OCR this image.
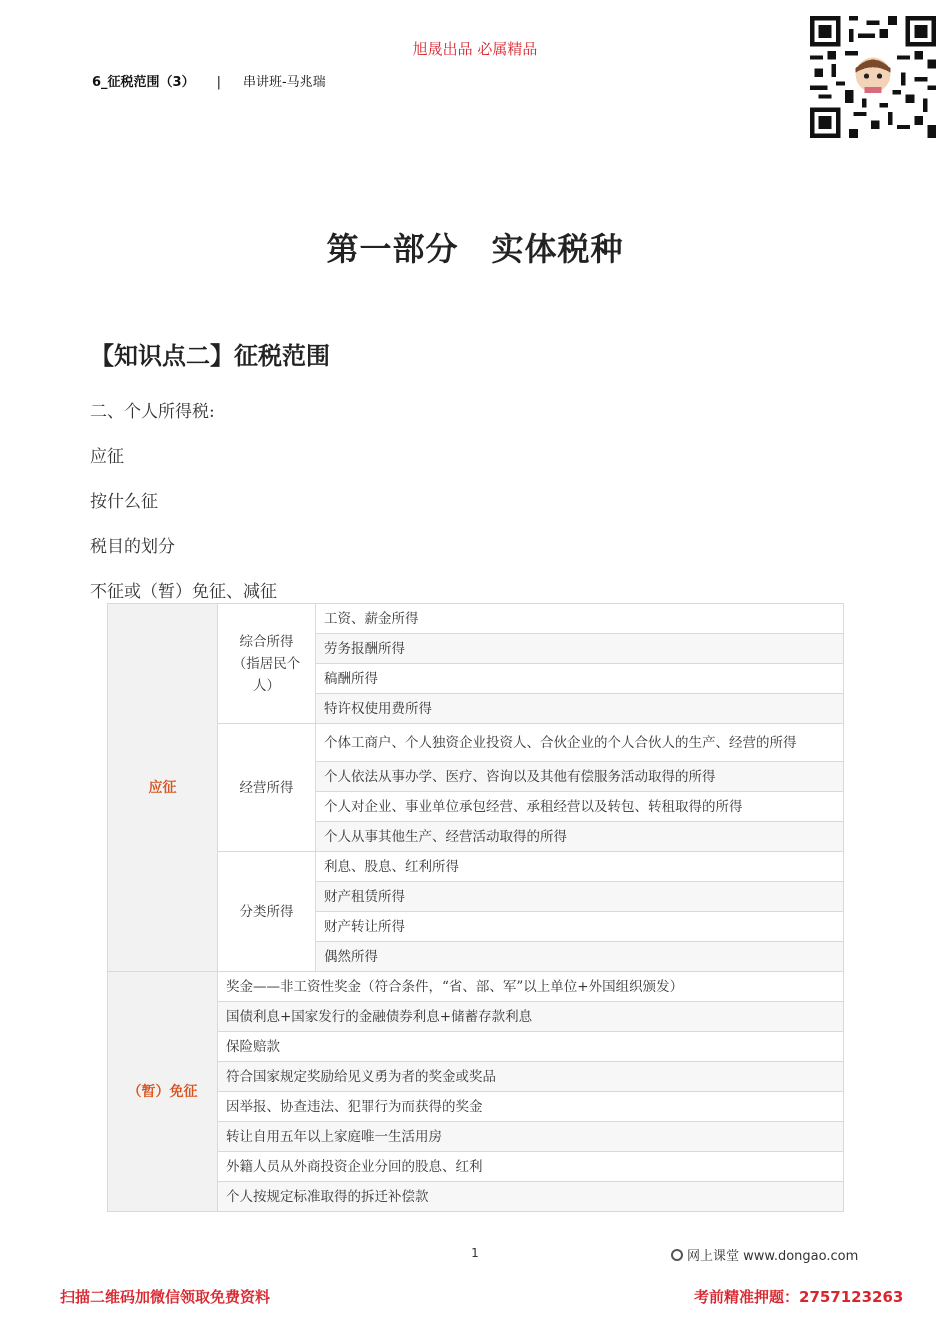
旭晟出品 必属精品
6_征税范围（3） | 串讲班-马兆瑞
第一部分　实体税种
【知识点二】征税范围
二、个人所得税:
应征
按什么征
税目的划分
不征或（暂）免征、减征
应征	综合所得（指居民个人）	工资、薪金所得
		劳务报酬所得
		稿酬所得
		特许权使用费所得
	经营所得	个体工商户、个人独资企业投资人、合伙企业的个人合伙人的生产、经营的所得
		个人依法从事办学、医疗、咨询以及其他有偿服务活动取得的所得
		个人对企业、事业单位承包经营、承租经营以及转包、转租取得的所得
		个人从事其他生产、经营活动取得的所得
	分类所得	利息、股息、红利所得
		财产租赁所得
		财产转让所得
		偶然所得
（暂）免征	奖金——非工资性奖金（符合条件，“省、部、军”以上单位+外国组织颁发）	
	国债利息+国家发行的金融债券利息+储蓄存款利息	
	保险赔款	
	符合国家规定奖励给见义勇为者的奖金或奖品	
	因举报、协查违法、犯罪行为而获得的奖金	
	转让自用五年以上家庭唯一生活用房	
	外籍人员从外商投资企业分回的股息、红利	
	个人按规定标准取得的拆迁补偿款	
1	网上课堂 www.dongao.com
扫描二维码加微信领取免费资料	考前精准押题：2757123263
